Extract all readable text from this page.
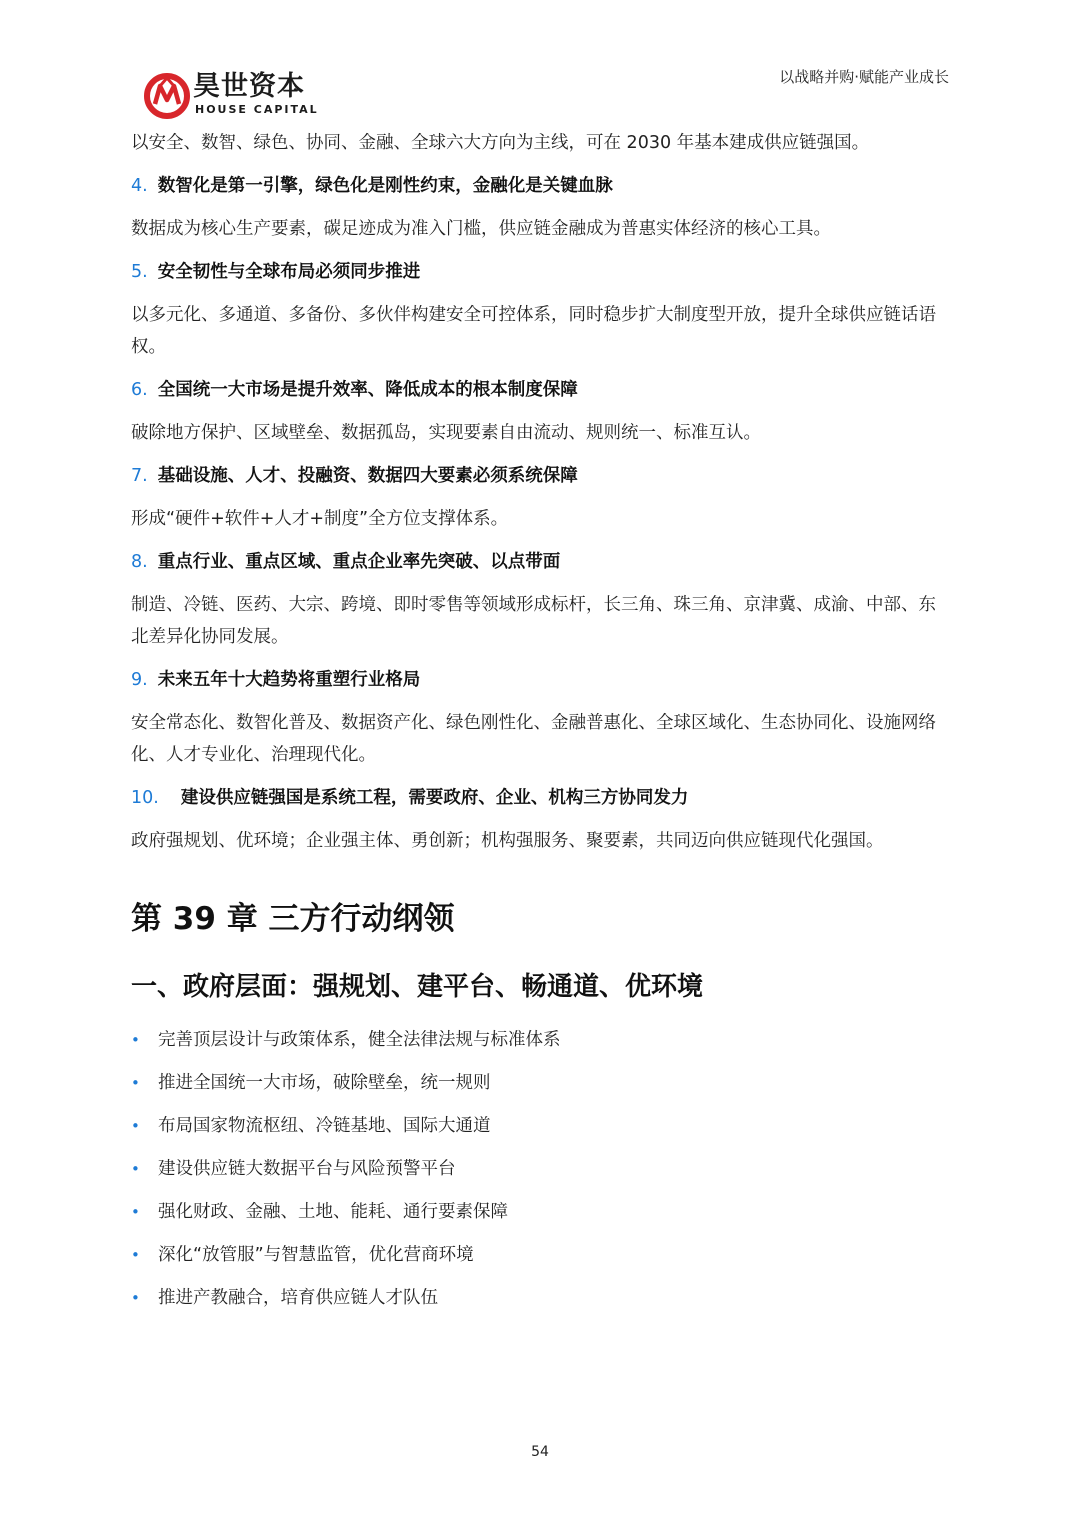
昊世资本
HOUSE CAPITAL
以战略并购·赋能产业成长

以安全、数智、绿色、协同、金融、全球六大方向为主线，可在 2030 年基本建成供应链强国。

4. 数智化是第一引擎，绿色化是刚性约束，金融化是关键血脉

数据成为核心生产要素，碳足迹成为准入门槛，供应链金融成为普惠实体经济的核心工具。

5. 安全韧性与全球布局必须同步推进

以多元化、多通道、多备份、多伙伴构建安全可控体系，同时稳步扩大制度型开放，提升全球供应链话语权。

6. 全国统一大市场是提升效率、降低成本的根本制度保障

破除地方保护、区域壁垒、数据孤岛，实现要素自由流动、规则统一、标准互认。

7. 基础设施、人才、投融资、数据四大要素必须系统保障

形成“硬件+软件+人才+制度”全方位支撑体系。

8. 重点行业、重点区域、重点企业率先突破、以点带面

制造、冷链、医药、大宗、跨境、即时零售等领域形成标杆，长三角、珠三角、京津冀、成渝、中部、东北差异化协同发展。

9. 未来五年十大趋势将重塑行业格局

安全常态化、数智化普及、数据资产化、绿色刚性化、金融普惠化、全球区域化、生态协同化、设施网络化、人才专业化、治理现代化。

10. 建设供应链强国是系统工程，需要政府、企业、机构三方协同发力

政府强规划、优环境；企业强主体、勇创新；机构强服务、聚要素，共同迈向供应链现代化强国。

第 39 章 三方行动纲领
一、政府层面：强规划、建平台、畅通道、优环境
• 完善顶层设计与政策体系，健全法律法规与标准体系
• 推进全国统一大市场，破除壁垒，统一规则
• 布局国家物流枢纽、冷链基地、国际大通道
• 建设供应链大数据平台与风险预警平台
• 强化财政、金融、土地、能耗、通行要素保障
• 深化“放管服”与智慧监管，优化营商环境
• 推进产教融合，培育供应链人才队伍
54
